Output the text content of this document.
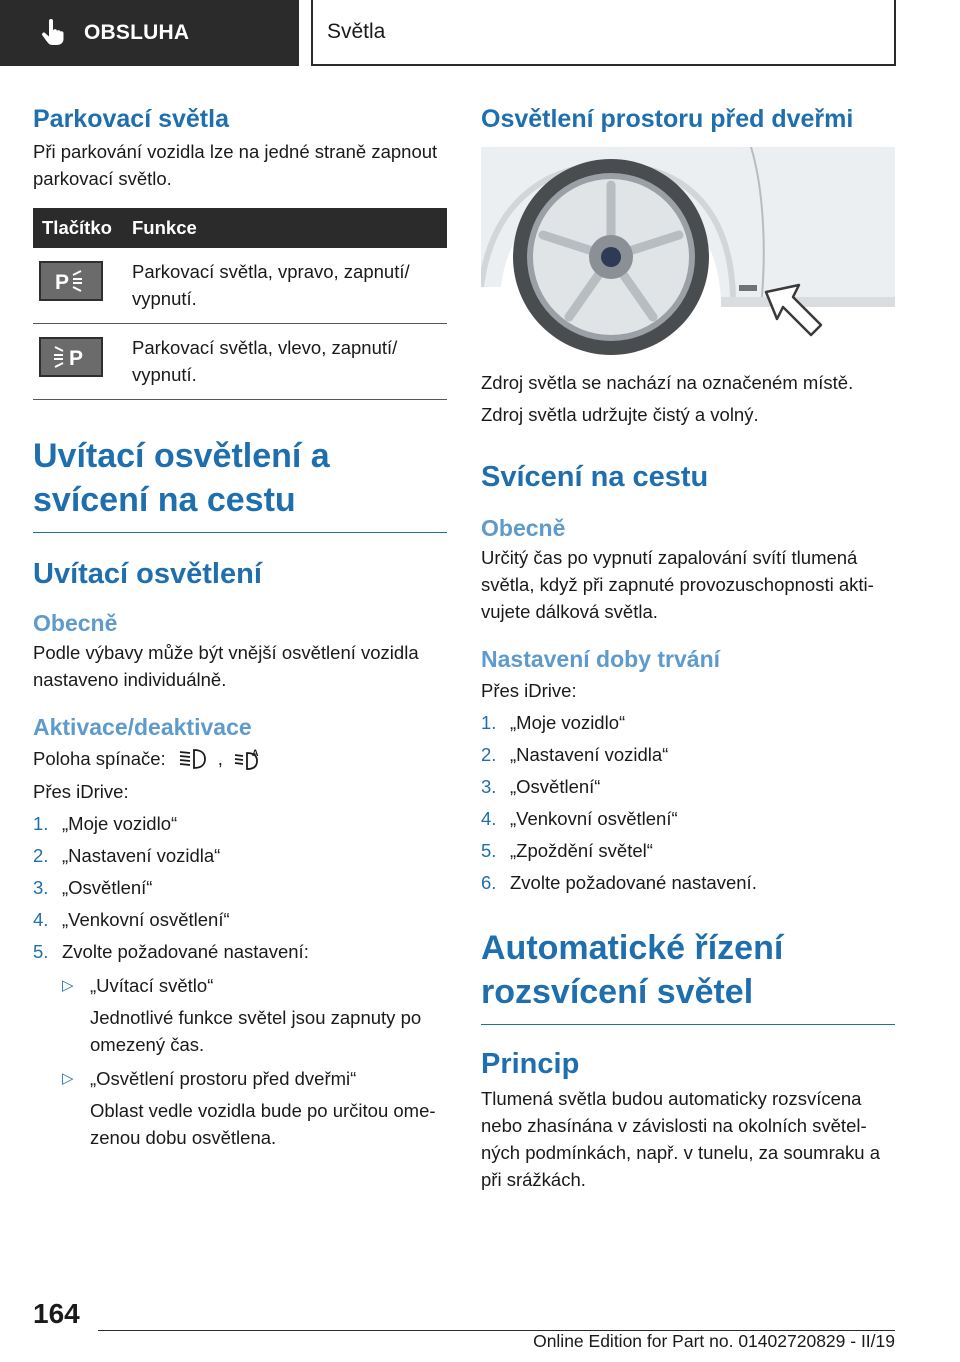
OBSLUHA	Světla
Parkovací světla

Při parkování vozidla lze na jedné straně zapnout parkovací světlo.

Tlačítko	Funkce

P	Parkovací světla, vpravo, zapnutí/ vypnutí.

P	Parkovací světla, vlevo, zapnutí/ vypnutí.
Uvítací osvětlení a svícení na cestu
Uvítací osvětlení
Obecně

Podle výbavy může být vnější osvětlení vozidla nastaveno individuálně.

Aktivace/deaktivace

Poloha spínače:	,	A

Přes iDrive:

1. „Moje vozidlo“
2. „Nastavení vozidla“
3. „Osvětlení“
4. „Venkovní osvětlení“
5. Zvolte požadované nastavení:
▷ „Uvítací světlo“

Jednotlivé funkce světel jsou zapnuty po omezený čas.

▷ „Osvětlení prostoru před dveřmi“

Oblast vedle vozidla bude po určitou ome- zenou dobu osvětlena.

Osvětlení prostoru před dveřmi

Zdroj světla se nachází na označeném místě.

Zdroj světla udržujte čistý a volný.

Svícení na cestu
Obecně

Určitý čas po vypnutí zapalování svítí tlumená světla, když při zapnuté provozuschopnosti akti- vujete dálková světla.

Nastavení doby trvání

Přes iDrive:

1. „Moje vozidlo“
2. „Nastavení vozidla“
3. „Osvětlení“
4. „Venkovní osvětlení“
5. „Zpoždění světel“
6. Zvolte požadované nastavení.
Automatické řízení rozsvícení světel
Princip

Tlumená světla budou automaticky rozsvícena nebo zhasínána v závislosti na okolních světel- ných podmínkách, např. v tunelu, za soumraku a při srážkách.

164
Online Edition for Part no. 01402720829 - II/19
